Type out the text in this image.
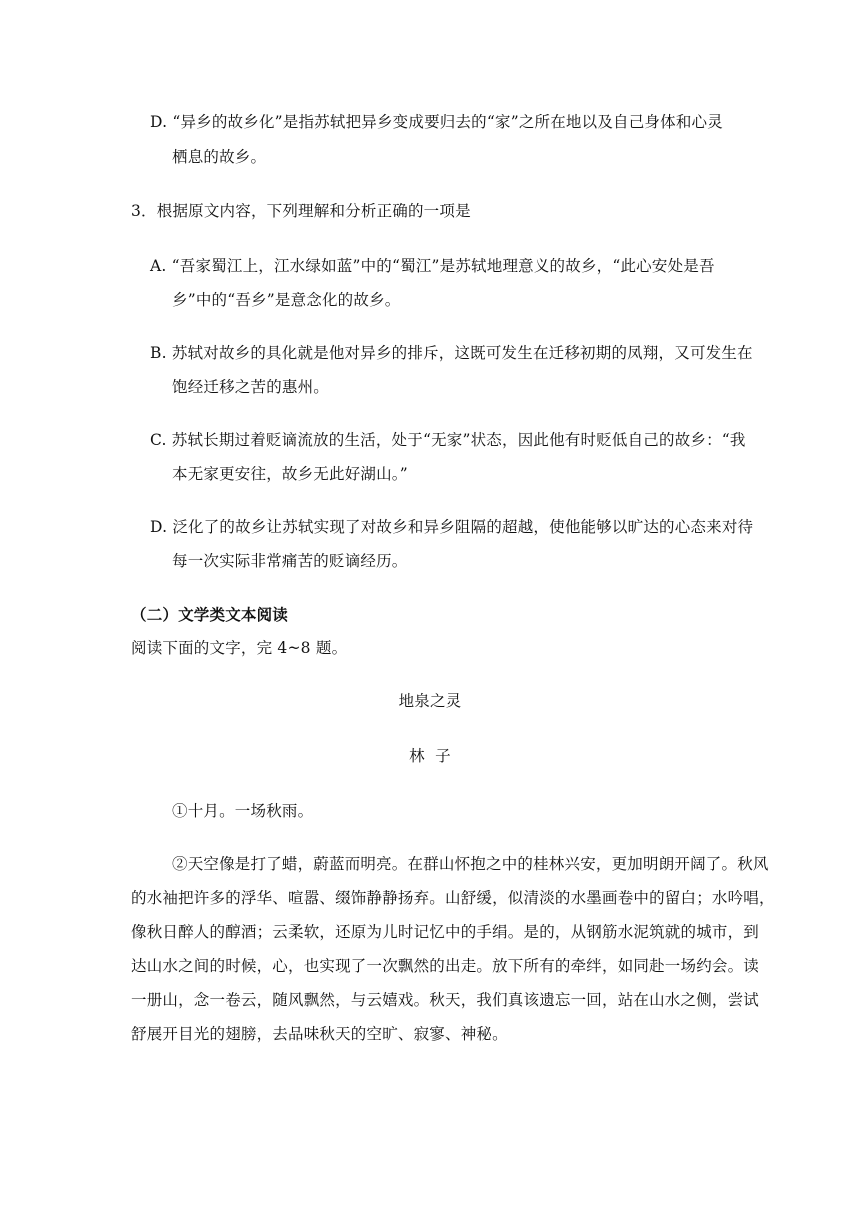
D. “异乡的故乡化”是指苏轼把异乡变成要归去的“家”之所在地以及自己身体和心灵
栖息的故乡。
3．根据原文内容，下列理解和分析正确的一项是
A. “吾家蜀江上，江水绿如蓝”中的“蜀江”是苏轼地理意义的故乡，“此心安处是吾
乡”中的“吾乡”是意念化的故乡。
B. 苏轼对故乡的具化就是他对异乡的排斥，这既可发生在迁移初期的凤翔，又可发生在
饱经迁移之苦的惠州。
C. 苏轼长期过着贬谪流放的生活，处于“无家”状态，因此他有时贬低自己的故乡：“我
本无家更安往，故乡无此好湖山。”
D. 泛化了的故乡让苏轼实现了对故乡和异乡阻隔的超越，使他能够以旷达的心态来对待
每一次实际非常痛苦的贬谪经历。
（二）文学类文本阅读
阅读下面的文字，完 4~8 题。
地泉之灵
林  子
①十月。一场秋雨。
②天空像是打了蜡，蔚蓝而明亮。在群山怀抱之中的桂林兴安，更加明朗开阔了。秋风
的水袖把许多的浮华、喧嚣、缀饰静静扬弃。山舒缓，似清淡的水墨画卷中的留白；水吟唱，
像秋日醉人的醇酒；云柔软，还原为儿时记忆中的手绢。是的，从钢筋水泥筑就的城市，到
达山水之间的时候，心，也实现了一次飘然的出走。放下所有的牵绊，如同赴一场约会。读
一册山，念一卷云，随风飘然，与云嬉戏。秋天，我们真该遗忘一回，站在山水之侧，尝试
舒展开目光的翅膀，去品味秋天的空旷、寂寥、神秘。
